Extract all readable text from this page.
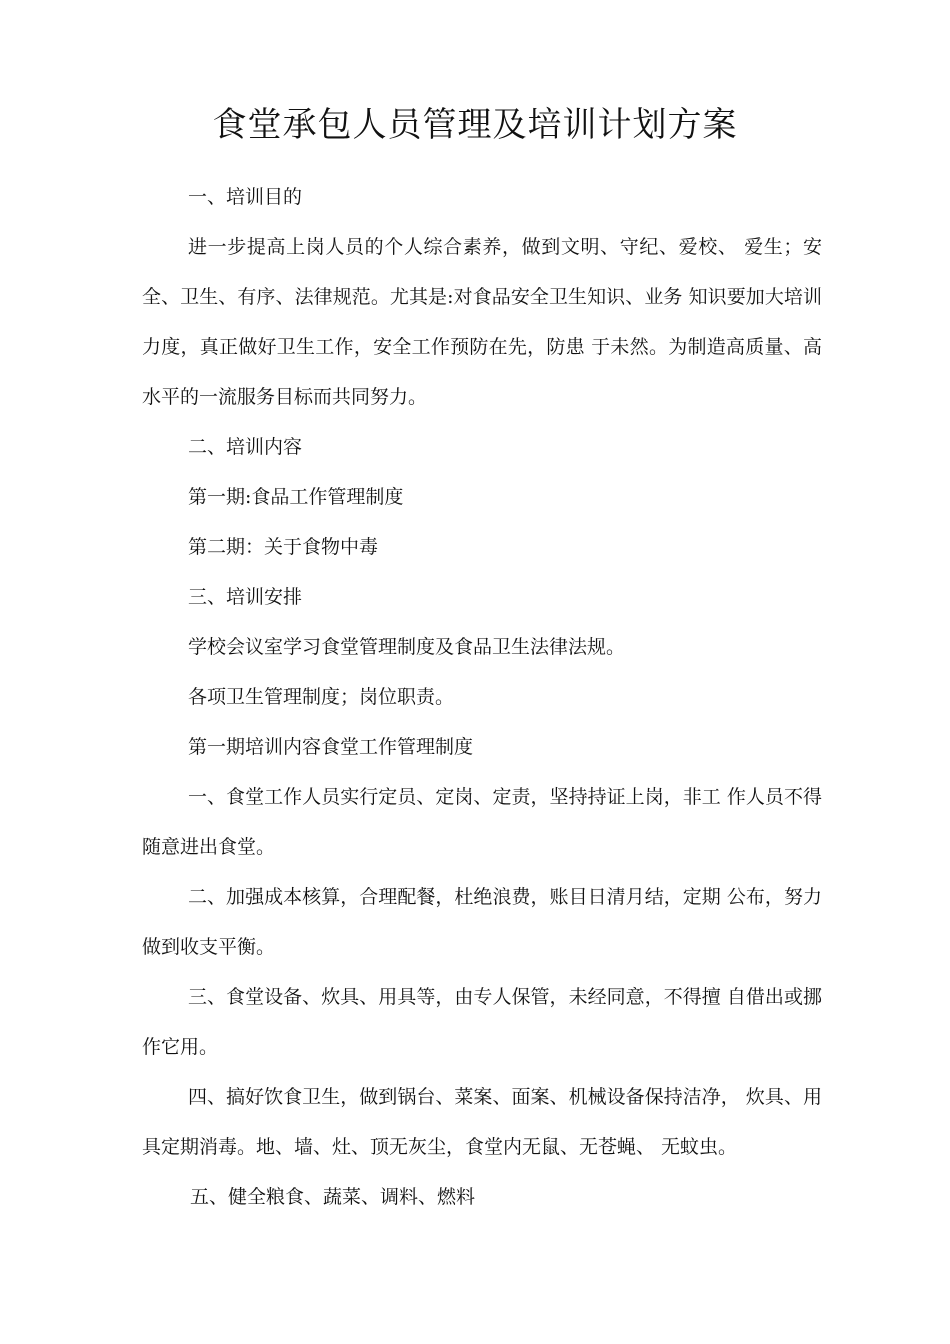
食堂承包人员管理及培训计划方案

一、培训目的

进一步提高上岗人员的个人综合素养，做到文明、守纪、爱校、 爱生；安全、卫生、有序、法律规范。尤其是:对食品安全卫生知识、业务 知识要加大培训力度，真正做好卫生工作，安全工作预防在先，防患 于未然。为制造高质量、高水平的一流服务目标而共同努力。

二、培训内容

第一期:食品工作管理制度

第二期：关于食物中毒

三、培训安排

学校会议室学习食堂管理制度及食品卫生法律法规。

各项卫生管理制度；岗位职责。

第一期培训内容食堂工作管理制度

一、食堂工作人员实行定员、定岗、定责，坚持持证上岗，非工 作人员不得随意进出食堂。

二、加强成本核算，合理配餐，杜绝浪费，账目日清月结，定期 公布，努力做到收支平衡。

三、食堂设备、炊具、用具等，由专人保管，未经同意，不得擅 自借出或挪作它用。

四、搞好饮食卫生，做到锅台、菜案、面案、机械设备保持洁净， 炊具、用具定期消毒。地、墙、灶、顶无灰尘，食堂内无鼠、无苍蝇、 无蚊虫。

五、健全粮食、蔬菜、调料、燃料
